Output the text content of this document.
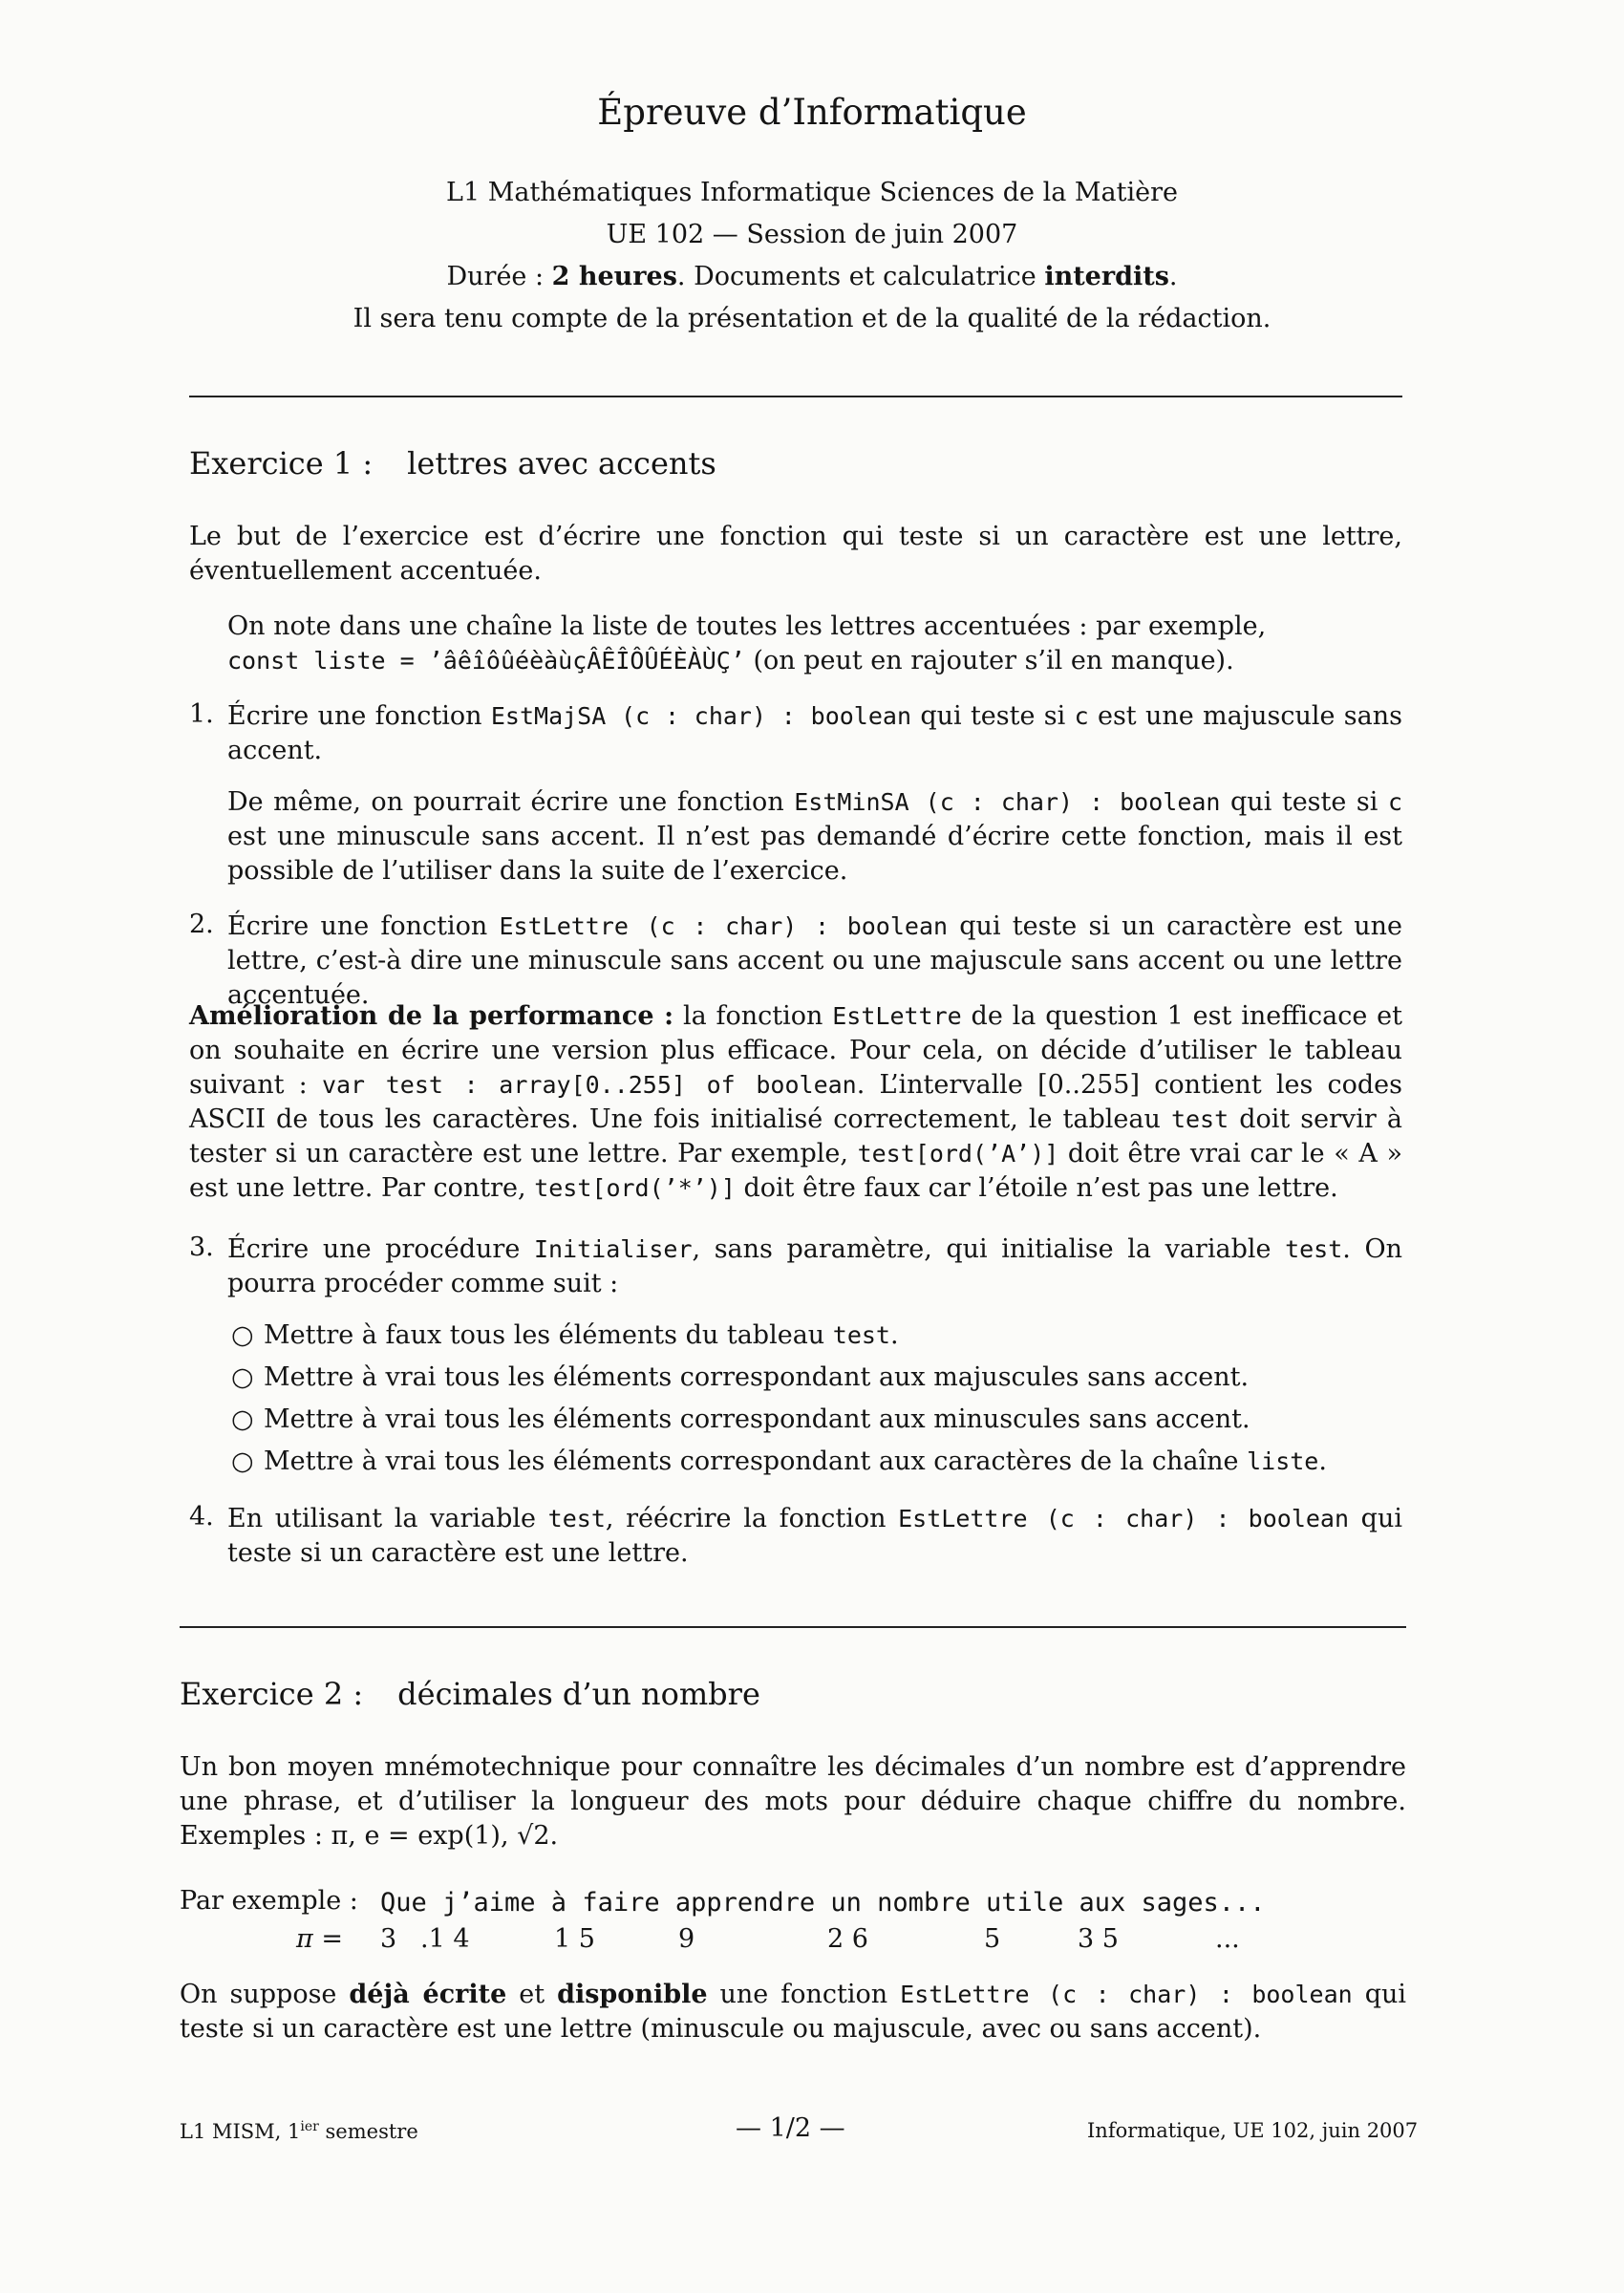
Épreuve d’Informatique
L1 Mathématiques Informatique Sciences de la Matière
UE 102 — Session de juin 2007
Durée : 2 heures. Documents et calculatrice interdits.
Il sera tenu compte de la présentation et de la qualité de la rédaction.
Exercice 1 : lettres avec accents
Le but de l’exercice est d’écrire une fonction qui teste si un caractère est une lettre, éventuellement accentuée.
On note dans une chaîne la liste de toutes les lettres accentuées : par exemple,
const liste = ’âêîôûéèàùçÂÊÎÔÛÉÈÀÙÇ’ (on peut en rajouter s’il en manque).
1. Écrire une fonction EstMajSA (c : char) : boolean qui teste si c est une majuscule sans accent.
De même, on pourrait écrire une fonction EstMinSA (c : char) : boolean qui teste si c est une minuscule sans accent. Il n’est pas demandé d’écrire cette fonction, mais il est possible de l’utiliser dans la suite de l’exercice.
2. Écrire une fonction EstLettre (c : char) : boolean qui teste si un caractère est une lettre, c’est-à dire une minuscule sans accent ou une majuscule sans accent ou une lettre accentuée.
Amélioration de la performance : la fonction EstLettre de la question 1 est inefficace et on souhaite en écrire une version plus efficace. Pour cela, on décide d’utiliser le tableau suivant : var test : array[0..255] of boolean. L’intervalle [0..255] contient les codes ASCII de tous les caractères. Une fois initialisé correctement, le tableau test doit servir à tester si un caractère est une lettre. Par exemple, test[ord(’A’)] doit être vrai car le « A » est une lettre. Par contre, test[ord(’*’)] doit être faux car l’étoile n’est pas une lettre.
3. Écrire une procédure Initialiser, sans paramètre, qui initialise la variable test. On pourra procéder comme suit :
○ Mettre à faux tous les éléments du tableau test.
○ Mettre à vrai tous les éléments correspondant aux majuscules sans accent.
○ Mettre à vrai tous les éléments correspondant aux minuscules sans accent.
○ Mettre à vrai tous les éléments correspondant aux caractères de la chaîne liste.
4. En utilisant la variable test, réécrire la fonction EstLettre (c : char) : boolean qui teste si un caractère est une lettre.
Exercice 2 : décimales d’un nombre
Un bon moyen mnémotechnique pour connaître les décimales d’un nombre est d’apprendre une phrase, et d’utiliser la longueur des mots pour déduire chaque chiffre du nombre. Exemples : π, e = exp(1), √2.
Par exemple : Que j’aime à faire apprendre un nombre utile aux sages...
π = 3 .1 4	1 5	9	2 6	5	3 5	...
On suppose déjà écrite et disponible une fonction EstLettre (c : char) : boolean qui teste si un caractère est une lettre (minuscule ou majuscule, avec ou sans accent).
L1 MISM, $1^{ier}$ semestre	— 1/2 —	Informatique, UE 102, juin 2007
